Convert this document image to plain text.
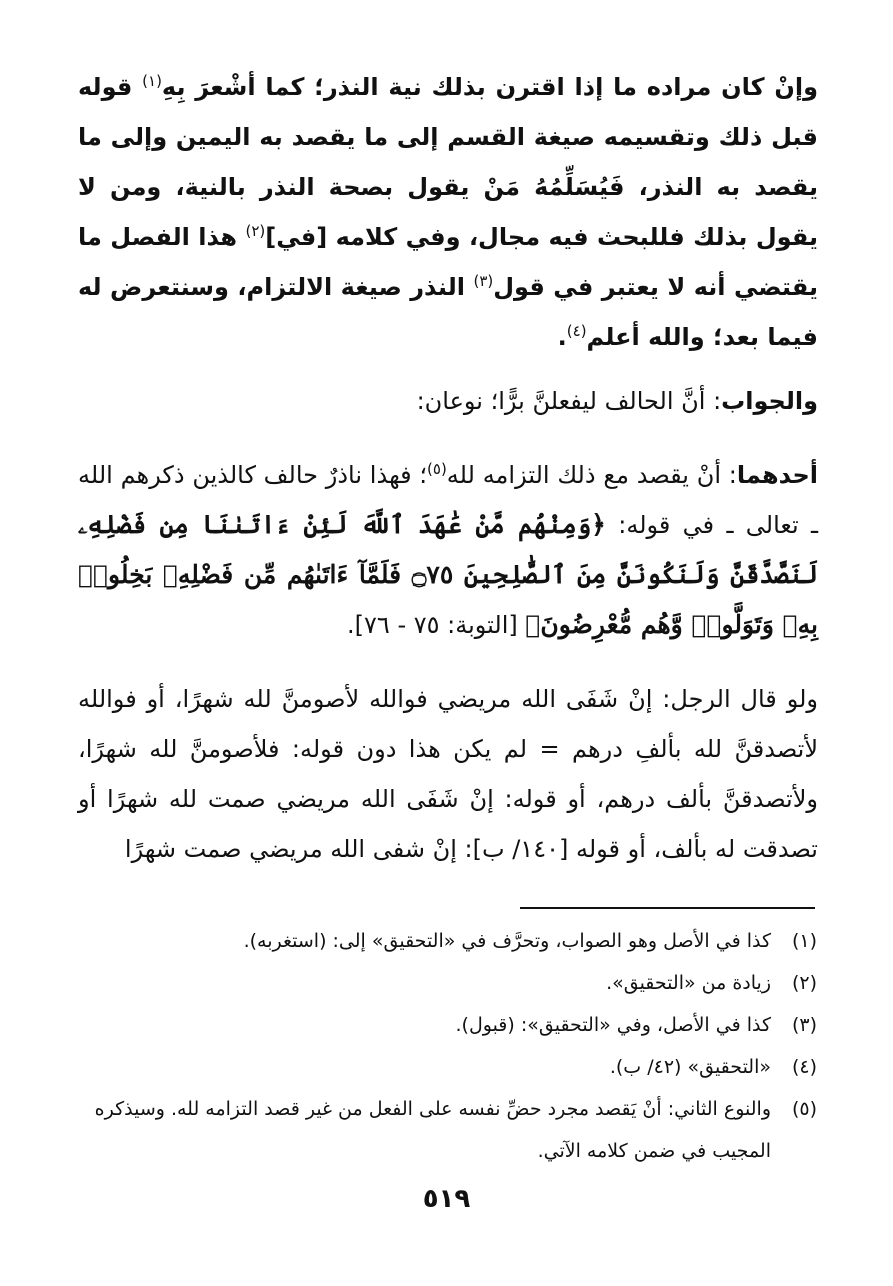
وإنْ كان مراده ما إذا اقترن بذلك نية النذر؛ كما أشْعرَ بِهِ$^{(١)}$ قوله قبل ذلك وتقسيمه صيغة القسم إلى ما يقصد به اليمين وإلى ما يقصد به النذر، فَيُسَلِّمُهُ مَنْ يقول بصحة النذر بالنية، ومن لا يقول بذلك فللبحث فيه مجال، وفي كلامه [في]$^{(٢)}$ هذا الفصل ما يقتضي أنه لا يعتبر في قول$^{(٣)}$ النذر صيغة الالتزام، وسنتعرض له فيما بعد؛ والله أعلم$^{(٤)}$.

والجواب: أنَّ الحالف ليفعلنَّ برًّا؛ نوعان:

أحدهما: أنْ يقصد مع ذلك التزامه لله$^{(٥)}$؛ فهذا ناذرٌ حالف كالذين ذكرهم الله ـ تعالى ـ في قوله: ﴿وَمِنْهُم مَّنْ عَٰهَدَ ٱللَّهَ لَئِنْ ءَاتَىٰنَا مِن فَضْلِهِۦ لَنَصَّدَّقَنَّ وَلَنَكُونَنَّ مِنَ ٱلصَّٰلِحِينَ ۝٧٥ فَلَمَّآ ءَاتَىٰهُم مِّن فَضْلِهِۦ بَخِلُوا۟ بِهِۦ وَتَوَلَّوا۟ وَّهُم مُّعْرِضُونَ﴾ [التوبة: ٧٥ - ٧٦].

ولو قال الرجل: إنْ شَفَى الله مريضي فوالله لأصومنَّ لله شهرًا، أو فوالله لأتصدقنَّ لله بألفِ درهم = لم يكن هذا دون قوله: فلأصومنَّ لله شهرًا، ولأتصدقنَّ بألف درهم، أو قوله: إنْ شَفَى الله مريضي صمت لله شهرًا أو تصدقت له بألف، أو قوله [١٤٠/ ب]: إنْ شفى الله مريضي صمت شهرًا

(١)
كذا في الأصل وهو الصواب، وتحرَّف في «التحقيق» إلى: (استغربه).
(٢)
زيادة من «التحقيق».
(٣)
كذا في الأصل، وفي «التحقيق»: (قبول).
(٤)
«التحقيق» (٤٢/ ب).
(٥)
والنوع الثاني: أنْ يَقصد مجرد حضِّ نفسه على الفعل من غير قصد التزامه لله. وسيذكره المجيب في ضمن كلامه الآتي.
٥١٩
